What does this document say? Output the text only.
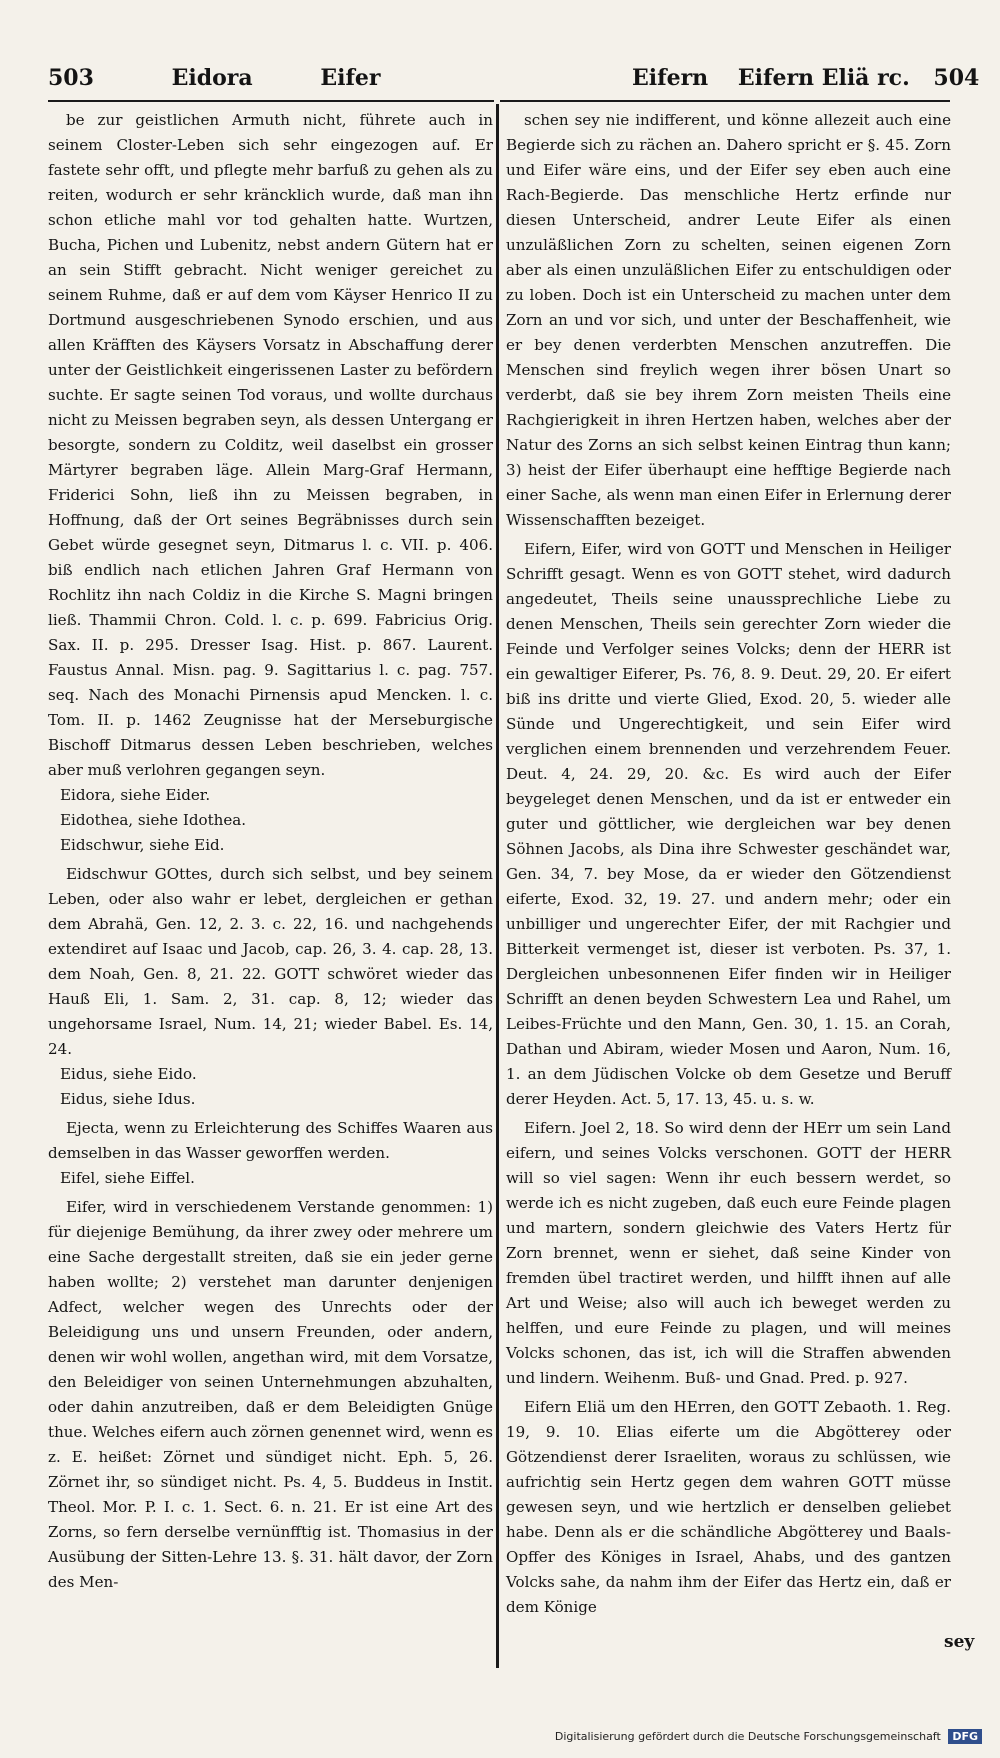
503	Eidora	Eifer	Eifern Eifern Eliä rc. 504

be zur geistlichen Armuth nicht, führete auch in seinem Closter-Leben sich sehr eingezogen auf. Er fastete sehr offt, und pflegte mehr barfuß zu gehen als zu reiten, wodurch er sehr kräncklich wurde, daß man ihn schon etliche mahl vor tod gehalten hatte. Wurtzen, Bucha, Pichen und Lubenitz, nebst andern Gütern hat er an sein Stifft gebracht. Nicht weniger gereichet zu seinem Ruhme, daß er auf dem vom Käyser Henrico II zu Dortmund ausgeschriebenen Synodo erschien, und aus allen Kräfften des Käysers Vorsatz in Abschaffung derer unter der Geistlichkeit eingerissenen Laster zu befördern suchte. Er sagte seinen Tod voraus, und wollte durchaus nicht zu Meissen begraben seyn, als dessen Untergang er besorgte, sondern zu Colditz, weil daselbst ein grosser Märtyrer begraben läge. Allein Marg-Graf Hermann, Friderici Sohn, ließ ihn zu Meissen begraben, in Hoffnung, daß der Ort seines Begräbnisses durch sein Gebet würde gesegnet seyn, Ditmarus l. c. VII. p. 406. biß endlich nach etlichen Jahren Graf Hermann von Rochlitz ihn nach Coldiz in die Kirche S. Magni bringen ließ. Thammii Chron. Cold. l. c. p. 699. Fabricius Orig. Sax. II. p. 295. Dresser Isag. Hist. p. 867. Laurent. Faustus Annal. Misn. pag. 9. Sagittarius l. c. pag. 757. seq. Nach des Monachi Pirnensis apud Mencken. l. c. Tom. II. p. 1462 Zeugnisse hat der Merseburgische Bischoff Ditmarus dessen Leben beschrieben, welches aber muß verlohren gegangen seyn.

Eidora, siehe Eider.

Eidothea, siehe Idothea.

Eidschwur, siehe Eid.

Eidschwur GOttes, durch sich selbst, und bey seinem Leben, oder also wahr er lebet, dergleichen er gethan dem Abrahä, Gen. 12, 2. 3. c. 22, 16. und nachgehends extendiret auf Isaac und Jacob, cap. 26, 3. 4. cap. 28, 13. dem Noah, Gen. 8, 21. 22. GOTT schwöret wieder das Hauß Eli, 1. Sam. 2, 31. cap. 8, 12; wieder das ungehorsame Israel, Num. 14, 21; wieder Babel. Es. 14, 24.

Eidus, siehe Eido.

Eidus, siehe Idus.

Ejecta, wenn zu Erleichterung des Schiffes Waaren aus demselben in das Wasser geworffen werden.

Eifel, siehe Eiffel.

Eifer, wird in verschiedenem Verstande genommen: 1) für diejenige Bemühung, da ihrer zwey oder mehrere um eine Sache dergestallt streiten, daß sie ein jeder gerne haben wollte; 2) verstehet man darunter denjenigen Adfect, welcher wegen des Unrechts oder der Beleidigung uns und unsern Freunden, oder andern, denen wir wohl wollen, angethan wird, mit dem Vorsatze, den Beleidiger von seinen Unternehmungen abzuhalten, oder dahin anzutreiben, daß er dem Beleidigten Gnüge thue. Welches eifern auch zörnen genennet wird, wenn es z. E. heißet: Zörnet und sündiget nicht. Eph. 5, 26. Zörnet ihr, so sündiget nicht. Ps. 4, 5. Buddeus in Instit. Theol. Mor. P. I. c. 1. Sect. 6. n. 21. Er ist eine Art des Zorns, so fern derselbe vernünfftig ist. Thomasius in der Ausübung der Sitten-Lehre 13. §. 31. hält davor, der Zorn des Men-

schen sey nie indifferent, und könne allezeit auch eine Begierde sich zu rächen an. Dahero spricht er §. 45. Zorn und Eifer wäre eins, und der Eifer sey eben auch eine Rach-Begierde. Das menschliche Hertz erfinde nur diesen Unterscheid, andrer Leute Eifer als einen unzuläßlichen Zorn zu schelten, seinen eigenen Zorn aber als einen unzuläßlichen Eifer zu entschuldigen oder zu loben. Doch ist ein Unterscheid zu machen unter dem Zorn an und vor sich, und unter der Beschaffenheit, wie er bey denen verderbten Menschen anzutreffen. Die Menschen sind freylich wegen ihrer bösen Unart so verderbt, daß sie bey ihrem Zorn meisten Theils eine Rachgierigkeit in ihren Hertzen haben, welches aber der Natur des Zorns an sich selbst keinen Eintrag thun kann; 3) heist der Eifer überhaupt eine hefftige Begierde nach einer Sache, als wenn man einen Eifer in Erlernung derer Wissenschafften bezeiget.

Eifern, Eifer, wird von GOTT und Menschen in Heiliger Schrifft gesagt. Wenn es von GOTT stehet, wird dadurch angedeutet, Theils seine unaussprechliche Liebe zu denen Menschen, Theils sein gerechter Zorn wieder die Feinde und Verfolger seines Volcks; denn der HERR ist ein gewaltiger Eiferer, Ps. 76, 8. 9. Deut. 29, 20. Er eifert biß ins dritte und vierte Glied, Exod. 20, 5. wieder alle Sünde und Ungerechtigkeit, und sein Eifer wird verglichen einem brennenden und verzehrendem Feuer. Deut. 4, 24. 29, 20. &c. Es wird auch der Eifer beygeleget denen Menschen, und da ist er entweder ein guter und göttlicher, wie dergleichen war bey denen Söhnen Jacobs, als Dina ihre Schwester geschändet war, Gen. 34, 7. bey Mose, da er wieder den Götzendienst eiferte, Exod. 32, 19. 27. und andern mehr; oder ein unbilliger und ungerechter Eifer, der mit Rachgier und Bitterkeit vermenget ist, dieser ist verboten. Ps. 37, 1. Dergleichen unbesonnenen Eifer finden wir in Heiliger Schrifft an denen beyden Schwestern Lea und Rahel, um Leibes-Früchte und den Mann, Gen. 30, 1. 15. an Corah, Dathan und Abiram, wieder Mosen und Aaron, Num. 16, 1. an dem Jüdischen Volcke ob dem Gesetze und Beruff derer Heyden. Act. 5, 17. 13, 45. u. s. w.

Eifern. Joel 2, 18. So wird denn der HErr um sein Land eifern, und seines Volcks verschonen. GOTT der HERR will so viel sagen: Wenn ihr euch bessern werdet, so werde ich es nicht zugeben, daß euch eure Feinde plagen und martern, sondern gleichwie des Vaters Hertz für Zorn brennet, wenn er siehet, daß seine Kinder von fremden übel tractiret werden, und hilfft ihnen auf alle Art und Weise; also will auch ich beweget werden zu helffen, und eure Feinde zu plagen, und will meines Volcks schonen, das ist, ich will die Straffen abwenden und lindern. Weihenm. Buß- und Gnad. Pred. p. 927.

Eifern Eliä um den HErren, den GOTT Zebaoth. 1. Reg. 19, 9. 10. Elias eiferte um die Abgötterey oder Götzendienst derer Israeliten, woraus zu schlüssen, wie aufrichtig sein Hertz gegen dem wahren GOTT müsse gewesen seyn, und wie hertzlich er denselben geliebet habe. Denn als er die schändliche Abgötterey und Baals-Opffer des Königes in Israel, Ahabs, und des gantzen Volcks sahe, da nahm ihm der Eifer das Hertz ein, daß er dem Könige

sey
Digitalisierung gefördert durch die Deutsche Forschungsgemeinschaft DFG
